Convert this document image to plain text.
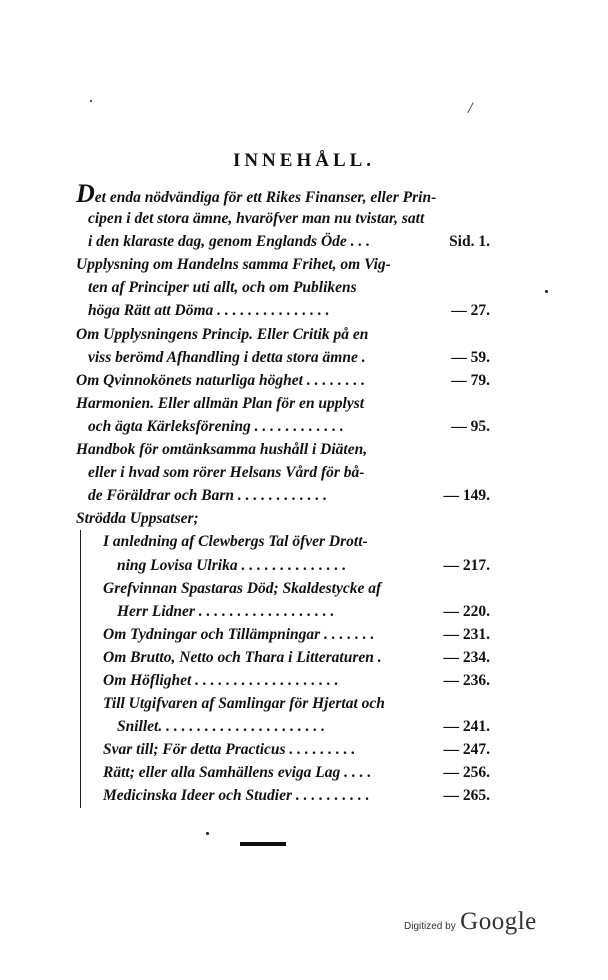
/
INNEHÅLL.
Det enda nödvändiga för ett Rikes Finanser, eller Prin-
cipen i det stora ämne, hvaröfver man nu tvistar, satt
i den klaraste dag, genom Englands Öde . . .	Sid. 1.
Upplysning om Handelns samma Frihet, om Vig-
ten af Principer uti allt, och om Publikens
höga Rätt att Döma . . . . . . . . . . . . . . .	— 27.
Om Upplysningens Princip. Eller Critik på en
viss berömd Afhandling i detta stora ämne .	— 59.
Om Qvinnokönets naturliga höghet . . . . . . . .	— 79.
Harmonien. Eller allmän Plan för en upplyst
och ägta Kärleksförening . . . . . . . . . . . .	— 95.
Handbok för omtänksamma hushåll i Diäten,
eller i hvad som rörer Helsans Vård för bå-
de Föräldrar och Barn . . . . . . . . . . . .	— 149.
Strödda Uppsatser;
I anledning af Clewbergs Tal öfver Drott-
ning Lovisa Ulrika . . . . . . . . . . . . . .	— 217.
Grefvinnan Spastaras Död; Skaldestycke af
Herr Lidner . . . . . . . . . . . . . . . . . .	— 220.
Om Tydningar och Tillämpningar . . . . . . .	— 231.
Om Brutto, Netto och Thara i Litteraturen .	— 234.
Om Höflighet . . . . . . . . . . . . . . . . . . .	— 236.
Till Utgifvaren af Samlingar för Hjertat och
Snillet. . . . . . . . . . . . . . . . . . . . . .	— 241.
Svar till; För detta Practicus . . . . . . . . .	— 247.
Rätt; eller alla Samhällens eviga Lag . . . .	— 256.
Medicinska Ideer och Studier . . . . . . . . . .	— 265.
Digitized by Google
